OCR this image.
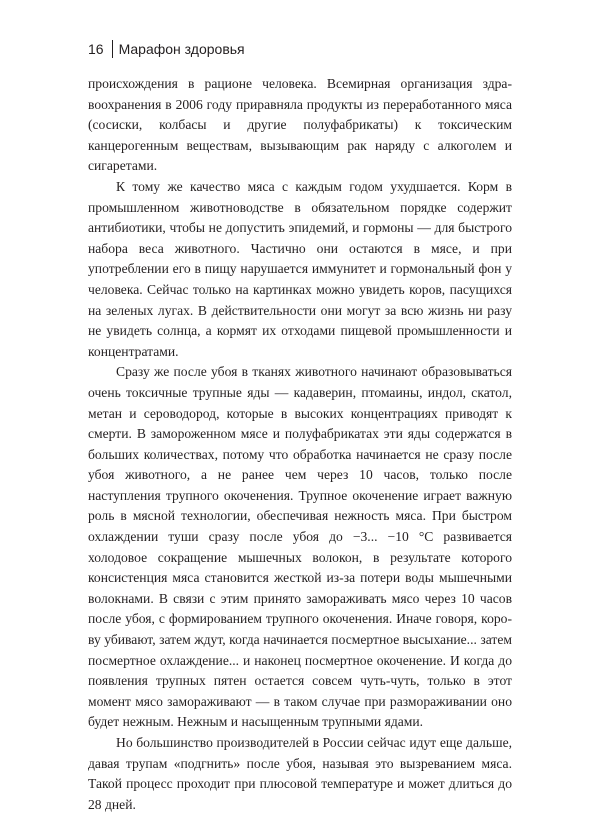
16 Марафон здоровья

происхождения в рационе человека. Всемирная организация здравоохранения в 2006 году приравняла продукты из переработанного мяса (сосиски, колбасы и другие полуфабрикаты) к токсическим канцерогенным веществам, вызывающим рак наряду с алкоголем и сигаретами.

К тому же качество мяса с каждым годом ухудшается. Корм в промышленном животноводстве в обязательном порядке содержит антибиотики, чтобы не допустить эпидемий, и гормоны — для быстрого набора веса животного. Частично они остаются в мясе, и при употреблении его в пищу нарушается иммунитет и гормональный фон у человека. Сейчас только на картинках можно увидеть коров, пасущихся на зеленых лугах. В действительности они могут за всю жизнь ни разу не увидеть солнца, а кормят их отходами пищевой промышленности и концентратами.

Сразу же после убоя в тканях животного начинают образовываться очень токсичные трупные яды — кадаверин, птомаины, индол, скатол, метан и сероводород, которые в высоких концентрациях приводят к смерти. В замороженном мясе и полуфабрикатах эти яды содержатся в больших количествах, потому что обработка начинается не сразу после убоя животного, а не ранее чем через 10 часов, только после наступления трупного окоченения. Трупное окоченение играет важную роль в мясной технологии, обеспечивая нежность мяса. При быстром охлаждении туши сразу после убоя до −3... −10 °С развивается холодовое сокращение мышечных волокон, в результате которого консистенция мяса становится жесткой из-за потери воды мышечными волокнами. В связи с этим принято замораживать мясо через 10 часов после убоя, с формированием трупного окоченения. Иначе говоря, корову убивают, затем ждут, когда начинается посмертное высыхание... затем посмертное охлаждение... и наконец посмертное окоченение. И когда до появления трупных пятен остается совсем чуть-чуть, только в этот момент мясо замораживают — в таком случае при размораживании оно будет нежным. Нежным и насыщенным трупными ядами.

Но большинство производителей в России сейчас идут еще дальше, давая трупам «подгнить» после убоя, называя это вызреванием мяса. Такой процесс проходит при плюсовой температуре и может длиться до 28 дней.
